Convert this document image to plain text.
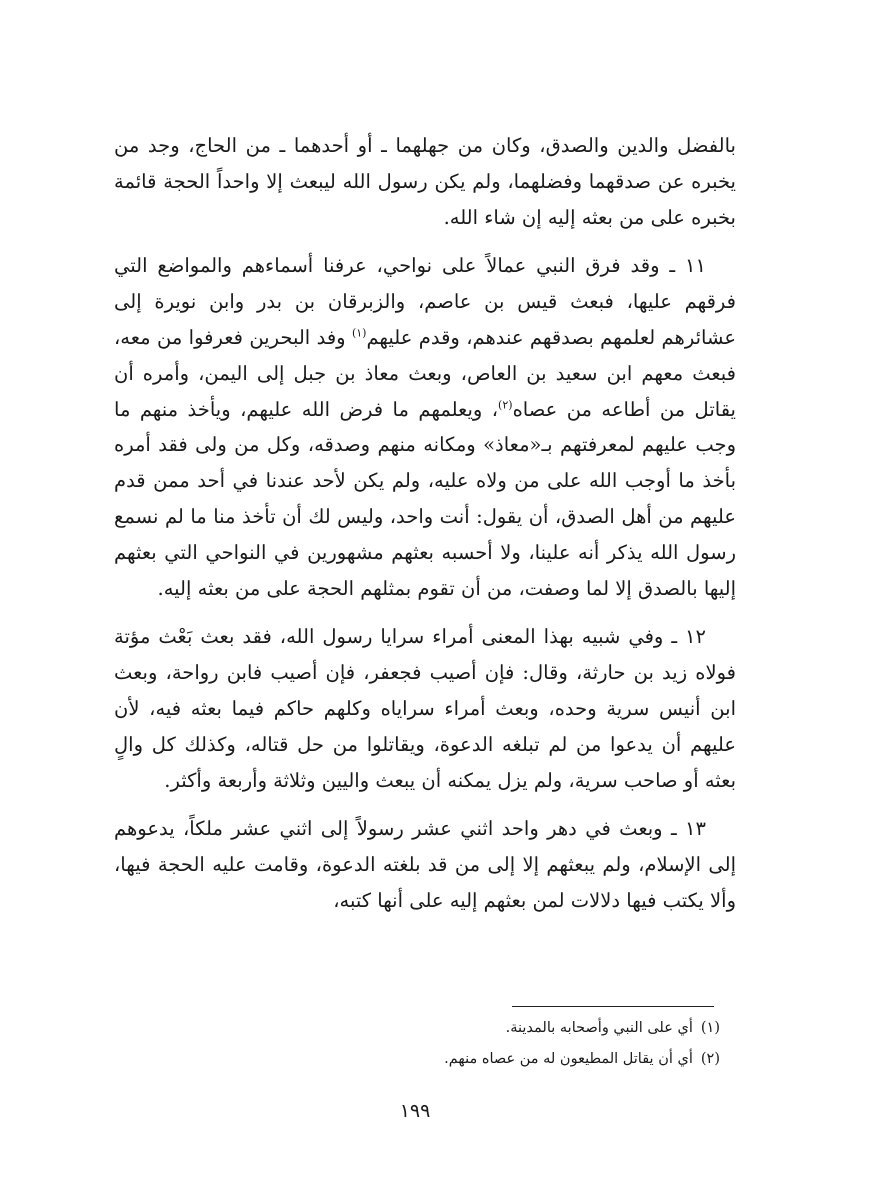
بالفضل والدين والصدق، وكان من جهلهما ـ أو أحدهما ـ من الحاج، وجد من يخبره عن صدقهما وفضلهما، ولم يكن رسول الله ليبعث إلا واحداً الحجة قائمة بخبره على من بعثه إليه إن شاء الله.

١١ ـ وقد فرق النبي عمالاً على نواحي، عرفنا أسماءهم والمواضع التي فرقهم عليها، فبعث قيس بن عاصم، والزبرقان بن بدر وابن نويرة إلى عشائرهم لعلمهم بصدقهم عندهم، وقدم عليهم$^{(١)}$ وفد البحرين فعرفوا من معه، فبعث معهم ابن سعيد بن العاص، وبعث معاذ بن جبل إلى اليمن، وأمره أن يقاتل من أطاعه من عصاه$^{(٢)}$، ويعلمهم ما فرض الله عليهم، ويأخذ منهم ما وجب عليهم لمعرفتهم بـ«معاذ» ومكانه منهم وصدقه، وكل من ولى فقد أمره بأخذ ما أوجب الله على من ولاه عليه، ولم يكن لأحد عندنا في أحد ممن قدم عليهم من أهل الصدق، أن يقول: أنت واحد، وليس لك أن تأخذ منا ما لم نسمع رسول الله يذكر أنه علينا، ولا أحسبه بعثهم مشهورين في النواحي التي بعثهم إليها بالصدق إلا لما وصفت، من أن تقوم بمثلهم الحجة على من بعثه إليه.

١٢ ـ وفي شبيه بهذا المعنى أمراء سرايا رسول الله، فقد بعث بَعْث مؤتة فولاه زيد بن حارثة، وقال: فإن أصيب فجعفر، فإن أصيب فابن رواحة، وبعث ابن أنيس سرية وحده، وبعث أمراء سراياه وكلهم حاكم فيما بعثه فيه، لأن عليهم أن يدعوا من لم تبلغه الدعوة، ويقاتلوا من حل قتاله، وكذلك كل والٍ بعثه أو صاحب سرية، ولم يزل يمكنه أن يبعث واليين وثلاثة وأربعة وأكثر.

١٣ ـ وبعث في دهر واحد اثني عشر رسولاً إلى اثني عشر ملكاً، يدعوهم إلى الإسلام، ولم يبعثهم إلا إلى من قد بلغته الدعوة، وقامت عليه الحجة فيها، وألا يكتب فيها دلالات لمن بعثهم إليه على أنها كتبه،

(١)أي على النبي وأصحابه بالمدينة.

(٢)أي أن يقاتل المطيعون له من عصاه منهم.

١٩٩
